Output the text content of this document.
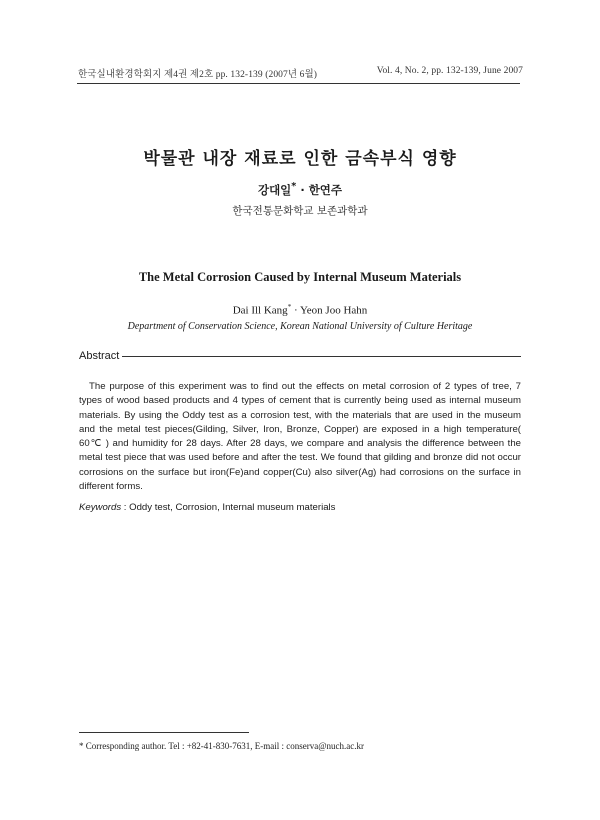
한국실내환경학회지 제4권 제2호 pp. 132-139 (2007년 6월)	Vol. 4, No. 2, pp. 132-139, June 2007
박물관 내장 재료로 인한 금속부식 영향
강대일* · 한연주
한국전통문화학교 보존과학과
The Metal Corrosion Caused by Internal Museum Materials
Dai Ill Kang* · Yeon Joo Hahn
Department of Conservation Science, Korean National University of Culture Heritage
Abstract
The purpose of this experiment was to find out the effects on metal corrosion of 2 types of tree, 7 types of wood based products and 4 types of cement that is currently being used as internal museum materials. By using the Oddy test as a corrosion test, with the materials that are used in the museum and the metal test pieces(Gilding, Silver, Iron, Bronze, Copper) are exposed in a high temperature( 60℃ ) and humidity for 28 days. After 28 days, we compare and analysis the difference between the metal test piece that was used before and after the test. We found that gilding and bronze did not occur corrosions on the surface but iron(Fe)and copper(Cu) also silver(Ag) had corrosions on the surface in different forms.
Keywords : Oddy test, Corrosion, Internal museum materials
* Corresponding author. Tel : +82-41-830-7631, E-mail : conserva@nuch.ac.kr
